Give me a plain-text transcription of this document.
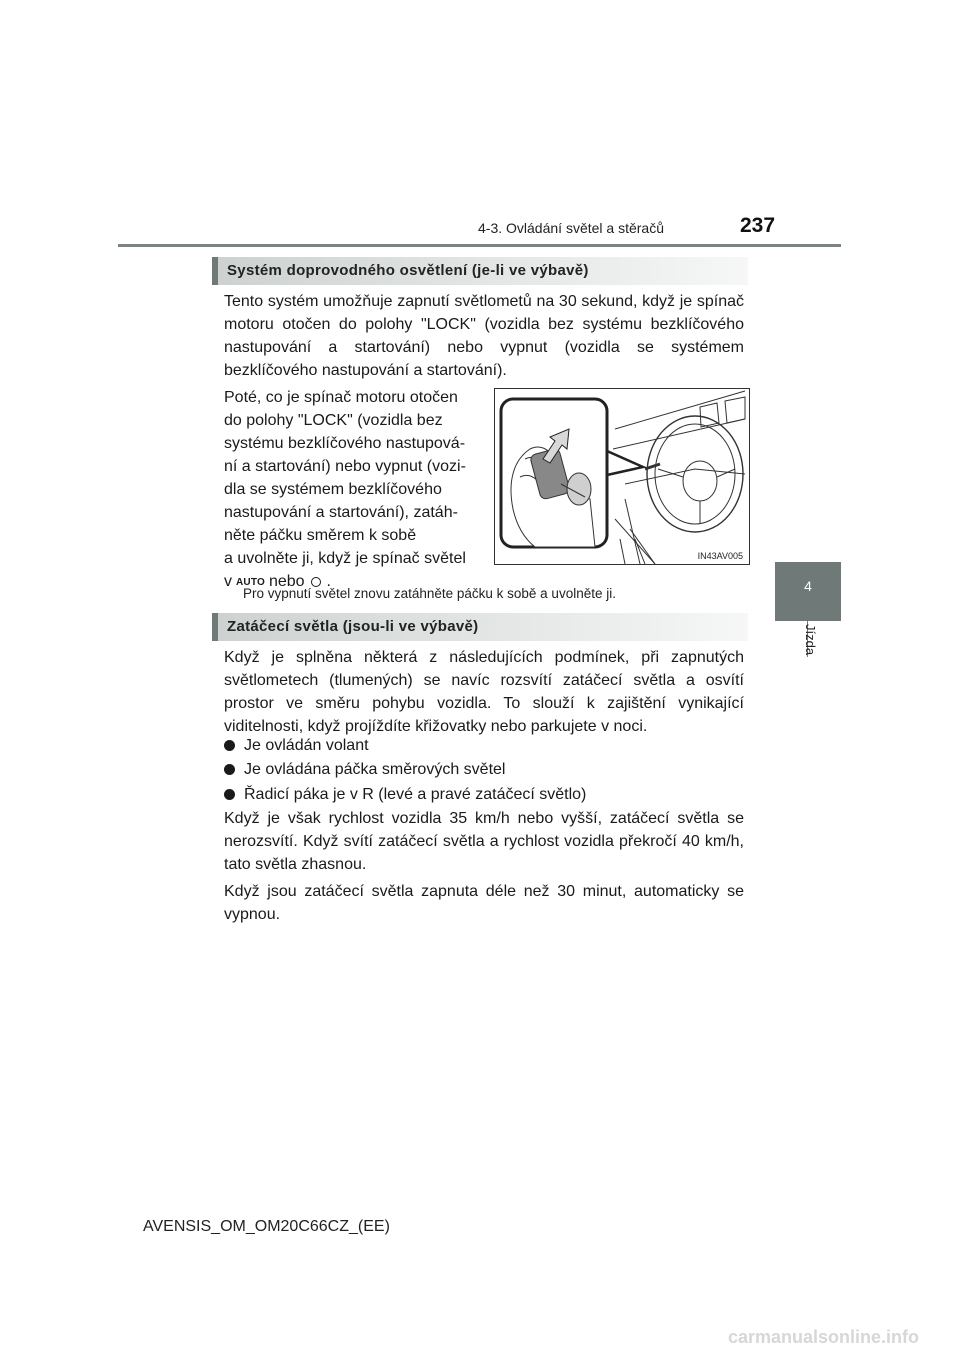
4-3. Ovládání světel a stěračů	237
4
Jízda
Systém doprovodného osvětlení (je-li ve výbavě)

Tento systém umožňuje zapnutí světlometů na 30 sekund, když je spínač motoru otočen do polohy "LOCK" (vozidla bez systému bezklíčového nastupování a startování) nebo vypnut (vozidla se systémem bezklíčového nastupování a startování).

Poté, co je spínač motoru otočen

do polohy "LOCK" (vozidla bez

systému bezklíčového nastupová-

ní a startování) nebo vypnut (vozi-

dla se systémem bezklíčového

nastupování a startování), zatáh-

něte páčku směrem k sobě

a uvolněte ji, když je spínač světel

vAUTO nebo .

IN43AV005

Pro vypnutí světel znovu zatáhněte páčku k sobě a uvolněte ji.

Zatáčecí světla (jsou-li ve výbavě)

Když je splněna některá z následujících podmínek, při zapnutých světlometech (tlumených) se navíc rozsvítí zatáčecí světla a osvítí prostor ve směru pohybu vozidla. To slouží k zajištění vynikající viditelnosti, když projíždíte křižovatky nebo parkujete v noci.

Je ovládán volant
Je ovládána páčka směrových světel
Řadicí páka je v R (levé a pravé zatáčecí světlo)

Když je však rychlost vozidla 35 km/h nebo vyšší, zatáčecí světla se nerozsvítí. Když svítí zatáčecí světla a rychlost vozidla překročí 40 km/h, tato světla zhasnou.

Když jsou zatáčecí světla zapnuta déle než 30 minut, automaticky se vypnou.

AVENSIS_OM_OM20C66CZ_(EE)
carmanualsonline.info
